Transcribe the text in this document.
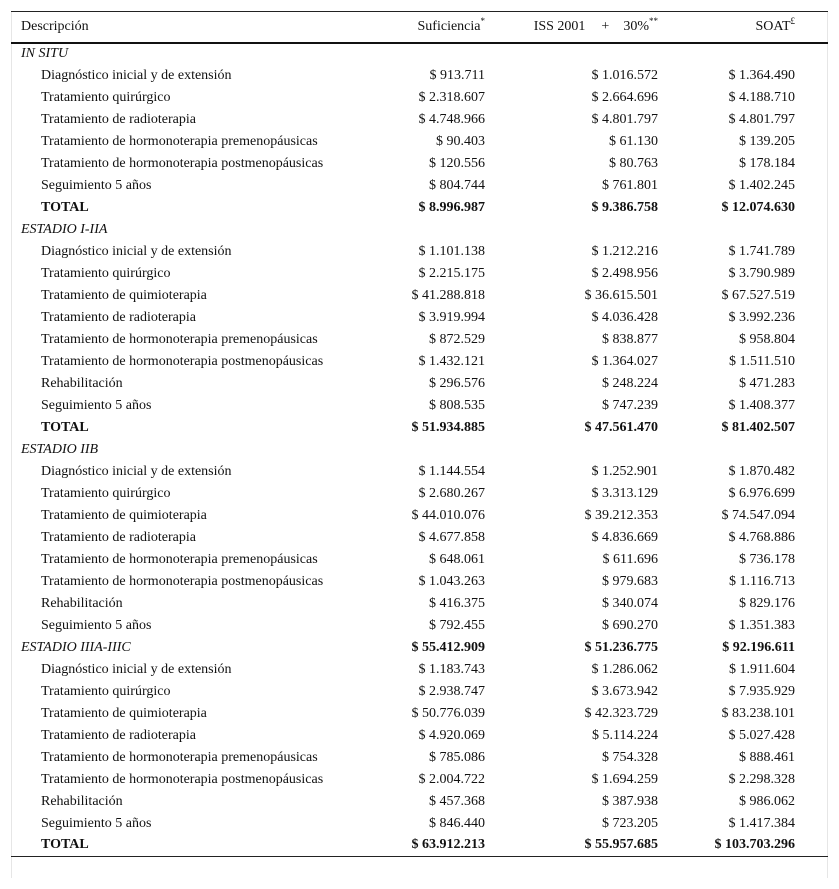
Descripción	Suficiencia*	ISS 2001 + 30%**	SOAT£	
IN SITU				
Diagnóstico inicial y de extensión	$ 913.711	$ 1.016.572	$ 1.364.490	
Tratamiento quirúrgico	$ 2.318.607	$ 2.664.696	$ 4.188.710	
Tratamiento de radioterapia	$ 4.748.966	$ 4.801.797	$ 4.801.797	
Tratamiento de hormonoterapia premenopáusicas	$ 90.403	$ 61.130	$ 139.205	
Tratamiento de hormonoterapia postmenopáusicas	$ 120.556	$ 80.763	$ 178.184	
Seguimiento 5 años	$ 804.744	$ 761.801	$ 1.402.245	
TOTAL	$ 8.996.987	$ 9.386.758	$ 12.074.630	
ESTADIO I-IIA				
Diagnóstico inicial y de extensión	$ 1.101.138	$ 1.212.216	$ 1.741.789	
Tratamiento quirúrgico	$ 2.215.175	$ 2.498.956	$ 3.790.989	
Tratamiento de quimioterapia	$ 41.288.818	$ 36.615.501	$ 67.527.519	
Tratamiento de radioterapia	$ 3.919.994	$ 4.036.428	$ 3.992.236	
Tratamiento de hormonoterapia premenopáusicas	$ 872.529	$ 838.877	$ 958.804	
Tratamiento de hormonoterapia postmenopáusicas	$ 1.432.121	$ 1.364.027	$ 1.511.510	
Rehabilitación	$ 296.576	$ 248.224	$ 471.283	
Seguimiento 5 años	$ 808.535	$ 747.239	$ 1.408.377	
TOTAL	$ 51.934.885	$ 47.561.470	$ 81.402.507	
ESTADIO IIB				
Diagnóstico inicial y de extensión	$ 1.144.554	$ 1.252.901	$ 1.870.482	
Tratamiento quirúrgico	$ 2.680.267	$ 3.313.129	$ 6.976.699	
Tratamiento de quimioterapia	$ 44.010.076	$ 39.212.353	$ 74.547.094	
Tratamiento de radioterapia	$ 4.677.858	$ 4.836.669	$ 4.768.886	
Tratamiento de hormonoterapia premenopáusicas	$ 648.061	$ 611.696	$ 736.178	
Tratamiento de hormonoterapia postmenopáusicas	$ 1.043.263	$ 979.683	$ 1.116.713	
Rehabilitación	$ 416.375	$ 340.074	$ 829.176	
Seguimiento 5 años	$ 792.455	$ 690.270	$ 1.351.383	
ESTADIO IIIA-IIIC	$ 55.412.909	$ 51.236.775	$ 92.196.611	
Diagnóstico inicial y de extensión	$ 1.183.743	$ 1.286.062	$ 1.911.604	
Tratamiento quirúrgico	$ 2.938.747	$ 3.673.942	$ 7.935.929	
Tratamiento de quimioterapia	$ 50.776.039	$ 42.323.729	$ 83.238.101	
Tratamiento de radioterapia	$ 4.920.069	$ 5.114.224	$ 5.027.428	
Tratamiento de hormonoterapia premenopáusicas	$ 785.086	$ 754.328	$ 888.461	
Tratamiento de hormonoterapia postmenopáusicas	$ 2.004.722	$ 1.694.259	$ 2.298.328	
Rehabilitación	$ 457.368	$ 387.938	$ 986.062	
Seguimiento 5 años	$ 846.440	$ 723.205	$ 1.417.384	
TOTAL	$ 63.912.213	$ 55.957.685	$ 103.703.296	
